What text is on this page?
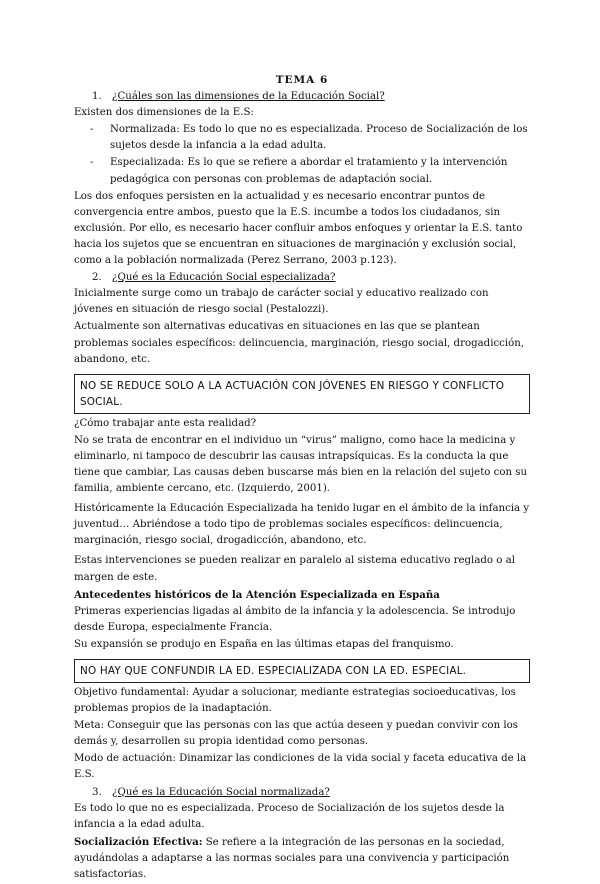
TEMA 6
1. ¿Cuáles son las dimensiones de la Educación Social?

Existen dos dimensiones de la E.S:

- Normalizada: Es todo lo que no es especializada. Proceso de Socialización de los sujetos desde la infancia a la edad adulta.
- Especializada: Es lo que se refiere a abordar el tratamiento y la intervención pedagógica con personas con problemas de adaptación social.

Los dos enfoques persisten en la actualidad y es necesario encontrar puntos de convergencia entre ambos, puesto que la E.S. incumbe a todos los ciudadanos, sin exclusión. Por ello, es necesario hacer confluir ambos enfoques y orientar la E.S. tanto hacia los sujetos que se encuentran en situaciones de marginación y exclusión social, como a la población normalizada (Perez Serrano, 2003 p.123).

2. ¿Qué es la Educación Social especializada?

Inicialmente surge como un trabajo de carácter social y educativo realizado con jóvenes en situación de riesgo social (Pestalozzi).

Actualmente son alternativas educativas en situaciones en las que se plantean problemas sociales específicos: delincuencia, marginación, riesgo social, drogadicción, abandono, etc.

NO SE REDUCE SOLO A LA ACTUACIÓN CON JÓVENES EN RIESGO Y CONFLICTO SOCIAL.

¿Cómo trabajar ante esta realidad?

No se trata de encontrar en el individuo un “virus” maligno, como hace la medicina y eliminarlo, ni tampoco de descubrir las causas intrapsíquicas. Es la conducta la que tiene que cambiar, Las causas deben buscarse más bien en la relación del sujeto con su familia, ambiente cercano, etc. (Izquierdo, 2001).

Históricamente la Educación Especializada ha tenido lugar en el ámbito de la infancia y juventud… Abriéndose a todo tipo de problemas sociales específicos: delincuencia, marginación, riesgo social, drogadicción, abandono, etc.

Estas intervenciones se pueden realizar en paralelo al sistema educativo reglado o al margen de este.

Antecedentes históricos de la Atención Especializada en España

Primeras experiencias ligadas al ámbito de la infancia y la adolescencia. Se introdujo desde Europa, especialmente Francia.

Su expansión se produjo en España en las últimas etapas del franquismo.

NO HAY QUE CONFUNDIR LA ED. ESPECIALIZADA CON LA ED. ESPECIAL.

Objetivo fundamental: Ayudar a solucionar, mediante estrategias socioeducativas, los problemas propios de la inadaptación.

Meta: Conseguir que las personas con las que actúa deseen y puedan convivir con los demás y, desarrollen su propia identidad como personas.

Modo de actuación: Dinamizar las condiciones de la vida social y faceta educativa de la E.S.

3. ¿Qué es la Educación Social normalizada?

Es todo lo que no es especializada. Proceso de Socialización de los sujetos desde la infancia a la edad adulta.

Socialización Efectiva: Se refiere a la integración de las personas en la sociedad, ayudándolas a adaptarse a las normas sociales para una convivencia y participación satisfactorias.
